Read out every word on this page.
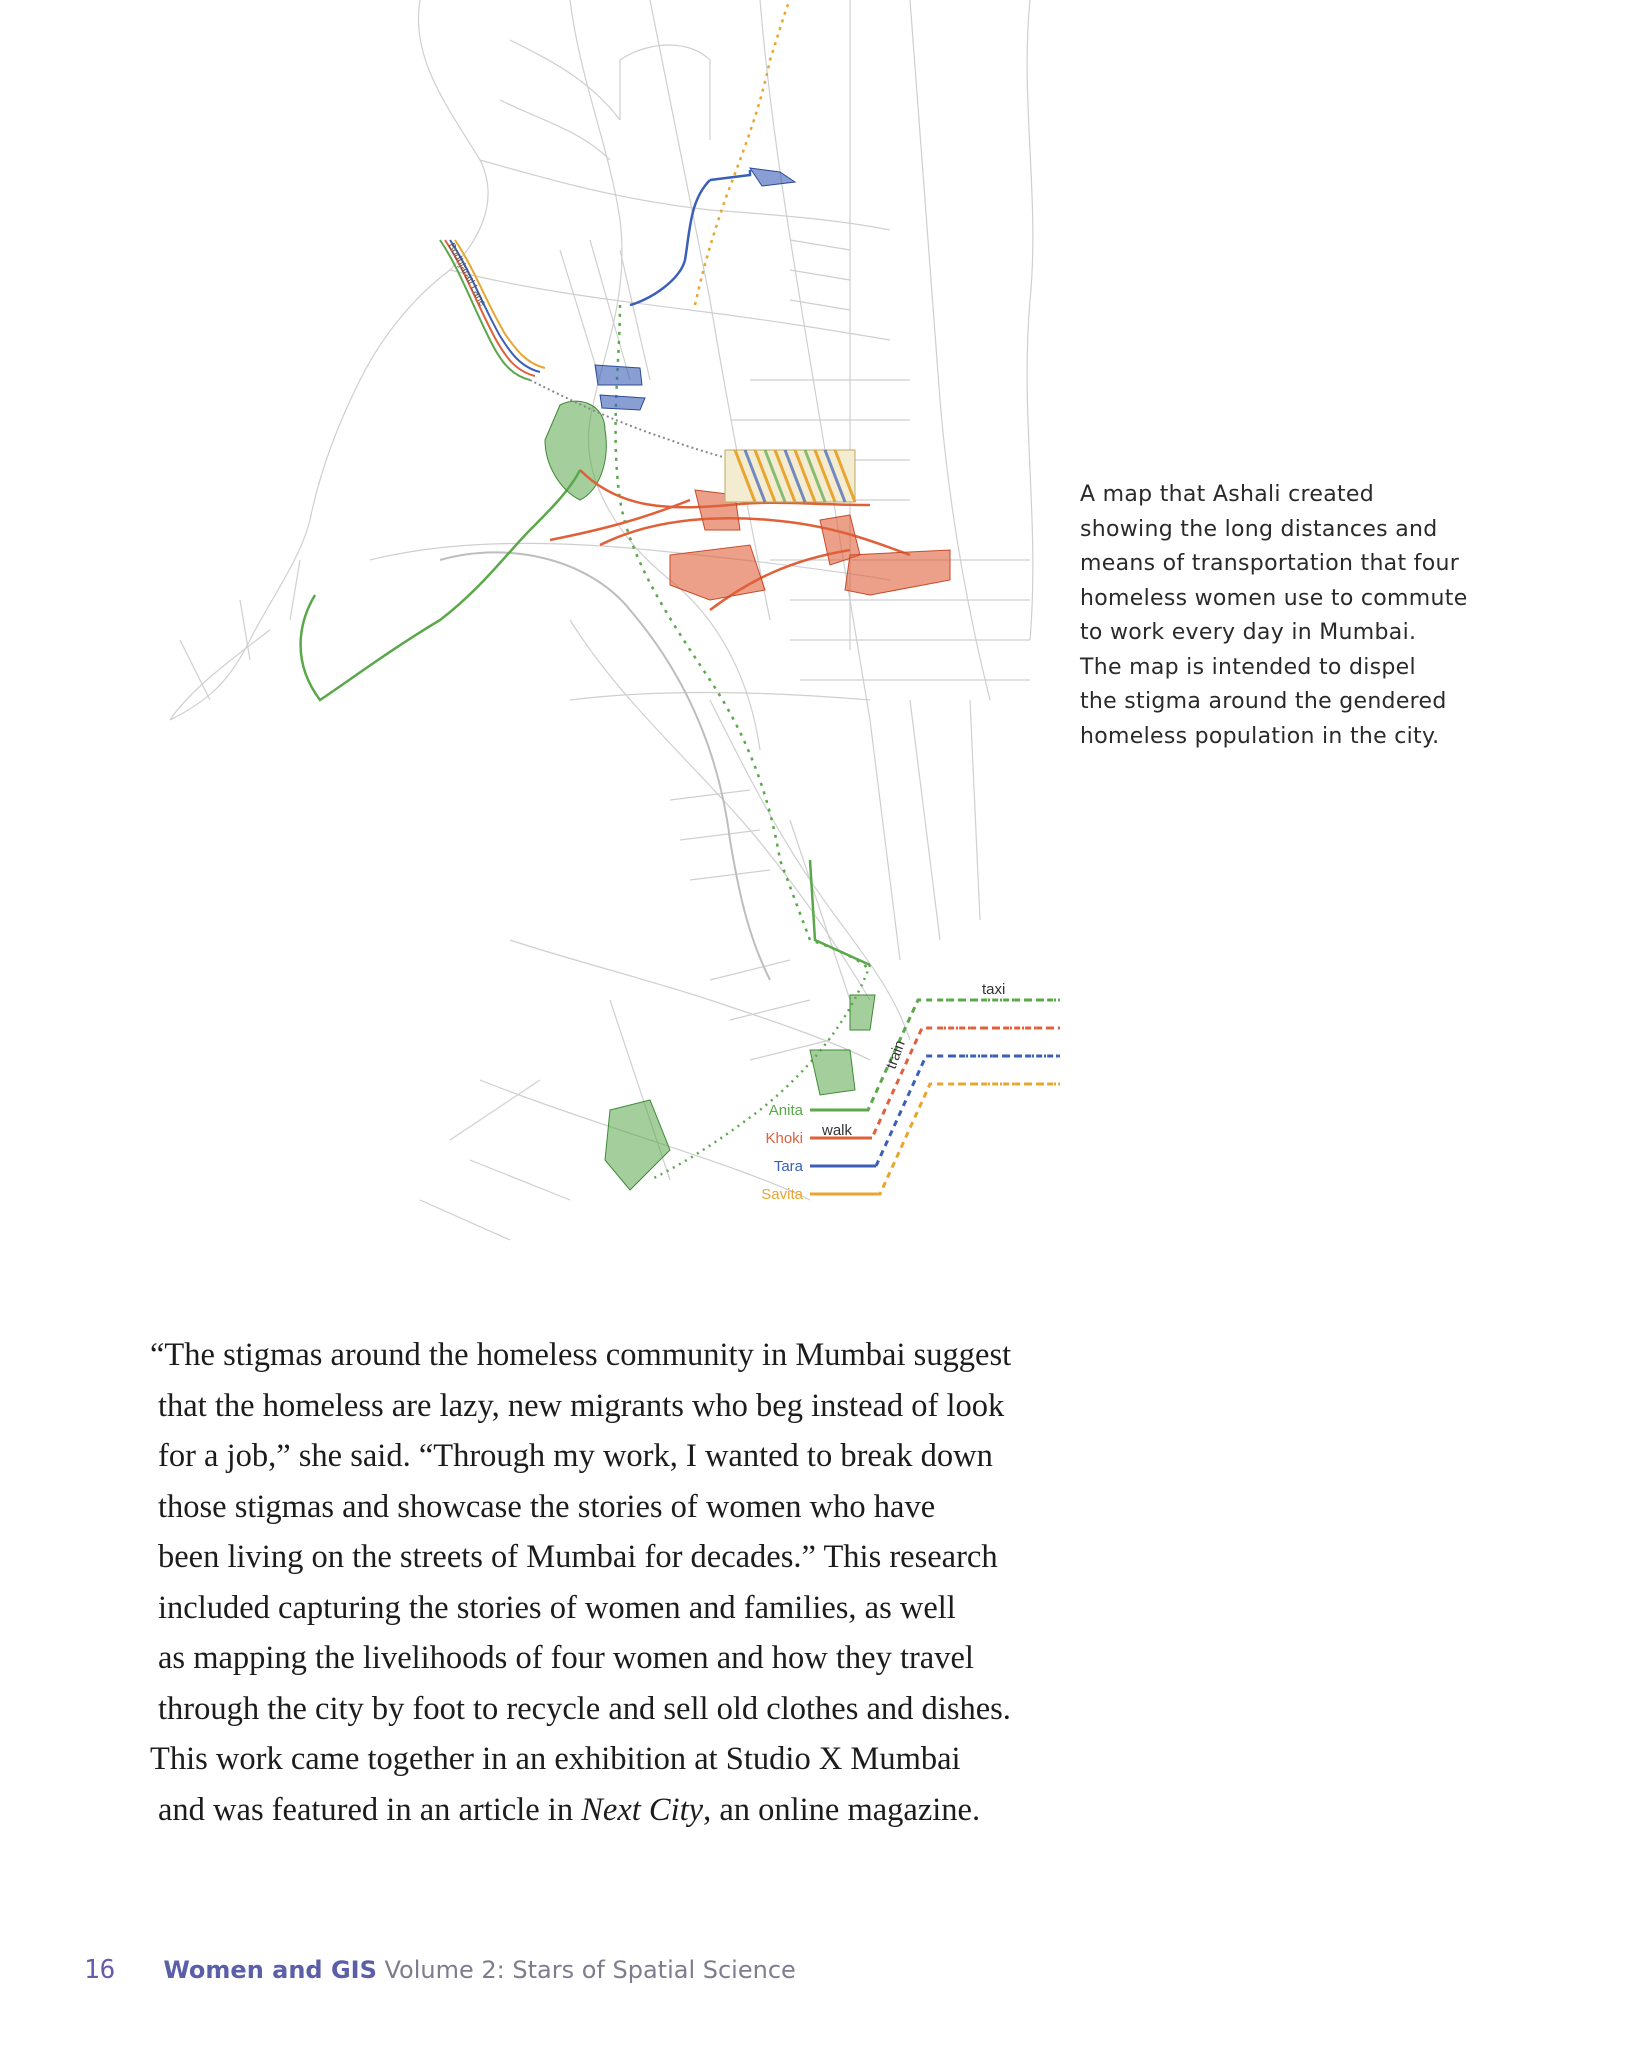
Bodhjaratl Lane
walk
train
taxi
Anita
Khoki
Tara
Savita
A map that Ashali created
showing the long distances and
means of transportation that four
homeless women use to commute
to work every day in Mumbai.
The map is intended to dispel
the stigma around the gendered
homeless population in the city.
“The stigmas around the homeless community in Mumbai suggest
that the homeless are lazy, new migrants who beg instead of look
for a job,” she said. “Through my work, I wanted to break down
those stigmas and showcase the stories of women who have
been living on the streets of Mumbai for decades.” This research
included capturing the stories of women and families, as well
as mapping the livelihoods of four women and how they travel
through the city by foot to recycle and sell old clothes and dishes.
This work came together in an exhibition at Studio X Mumbai
and was featured in an article in Next City, an online magazine.
16 Women and GIS Volume 2: Stars of Spatial Science
